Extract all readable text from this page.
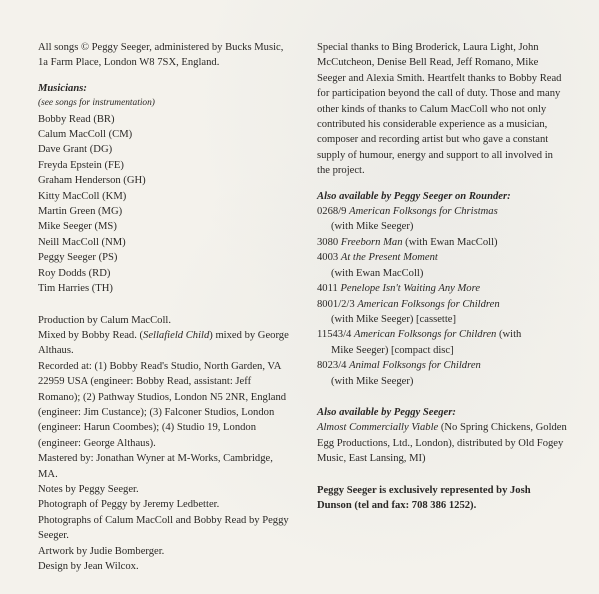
All songs © Peggy Seeger, administered by Bucks Music, 1a Farm Place, London W8 7SX, England.

Musicians:

(see songs for instrumentation)

Bobby Read (BR)

Calum MacColl (CM)

Dave Grant (DG)

Freyda Epstein (FE)

Graham Henderson (GH)

Kitty MacColl (KM)

Martin Green (MG)

Mike Seeger (MS)

Neill MacColl (NM)

Peggy Seeger (PS)

Roy Dodds (RD)

Tim Harries (TH)

Production by Calum MacColl.

Mixed by Bobby Read. (Sellafield Child) mixed by George Althaus.

Recorded at: (1) Bobby Read's Studio, North Garden, VA 22959 USA (engineer: Bobby Read, assistant: Jeff Romano); (2) Pathway Studios, London N5 2NR, England (engineer: Jim Custance); (3) Falconer Studios, London (engineer: Harun Coombes); (4) Studio 19, London (engineer: George Althaus).

Mastered by: Jonathan Wyner at M-Works, Cambridge, MA.

Notes by Peggy Seeger.

Photograph of Peggy by Jeremy Ledbetter.

Photographs of Calum MacColl and Bobby Read by Peggy Seeger.

Artwork by Judie Bomberger.

Design by Jean Wilcox.

Special thanks to Bing Broderick, Laura Light, John McCutcheon, Denise Bell Read, Jeff Romano, Mike Seeger and Alexia Smith. Heartfelt thanks to Bobby Read for participation beyond the call of duty. Those and many other kinds of thanks to Calum MacColl who not only contributed his considerable experience as a musician, composer and recording artist but who gave a constant supply of humour, energy and support to all involved in the project.

Also available by Peggy Seeger on Rounder:

0268/9 American Folksongs for Christmas

(with Mike Seeger)

3080 Freeborn Man (with Ewan MacColl)

4003 At the Present Moment

(with Ewan MacColl)

4011 Penelope Isn't Waiting Any More

8001/2/3 American Folksongs for Children

(with Mike Seeger) [cassette]

11543/4 American Folksongs for Children (with

Mike Seeger) [compact disc]

8023/4 Animal Folksongs for Children

(with Mike Seeger)

Also available by Peggy Seeger:

Almost Commercially Viable (No Spring Chickens, Golden Egg Productions, Ltd., London), distributed by Old Fogey Music, East Lansing, MI)

Peggy Seeger is exclusively represented by Josh Dunson (tel and fax: 708 386 1252).
